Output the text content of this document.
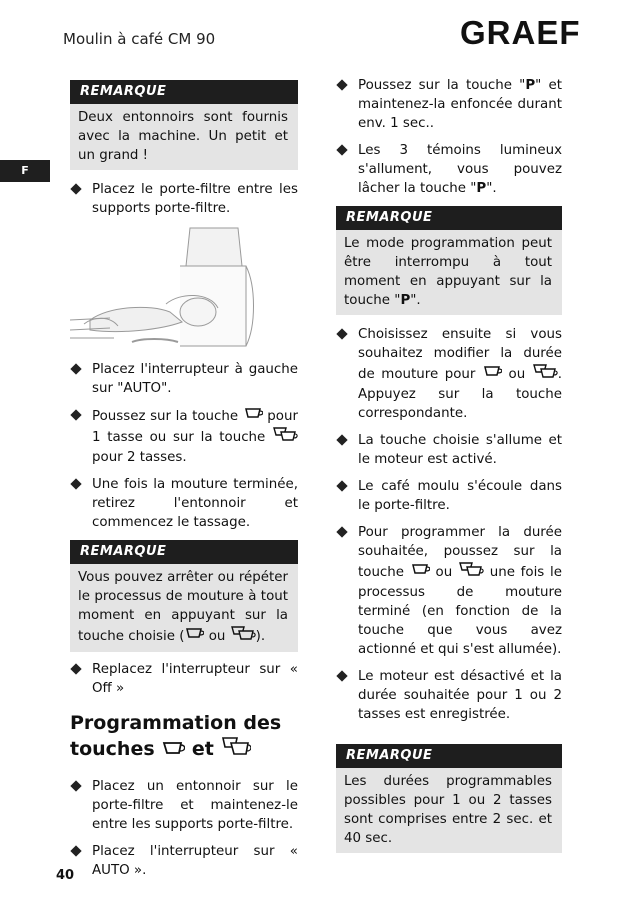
Moulin à café CM 90	GRAEF
F
REMARQUE
Deux entonnoirs sont fournis avec la machine. Un petit et un grand !
Placez le porte-filtre entre les supports porte-filtre.
Placez l'interrupteur à gauche sur "AUTO".
Poussez sur la touche pour 1 tasse ou sur la touche  pour 2 tasses.
Une fois la mouture terminée, retirez l'entonnoir et commencez le tassage.
REMARQUE
Vous pouvez arrêter ou répéter le processus de mouture à tout moment en appuyant sur la touche choisie ( ou ).
Replacez l'interrupteur sur « Off »
Programmation des touches et
Placez un entonnoir sur le porte-filtre et maintenez-le entre les supports porte-filtre.
Placez l'interrupteur sur « AUTO ».
Poussez sur la touche "P" et maintenez-la enfoncée durant env. 1 sec..
Les 3 témoins lumineux s'allument, vous pouvez lâcher la touche "P".
REMARQUE
Le mode programmation peut être interrompu à tout moment en appuyant sur la touche "P".
Choisissez ensuite si vous souhaitez modifier la durée de mouture pour ou . Appuyez sur la touche correspondante.
La touche choisie s'allume et le moteur est activé.
Le café moulu s'écoule dans le porte-filtre.
Pour programmer la durée souhaitée, poussez sur la touche ou	une fois le processus de mouture terminé (en fonction de la touche que vous avez actionné et qui s'est allumée).
Le moteur est désactivé et la durée souhaitée pour 1 ou 2 tasses est enregistrée.
REMARQUE
Les durées programmables possibles pour 1 ou 2 tasses sont comprises entre 2 sec. et 40 sec.
40
